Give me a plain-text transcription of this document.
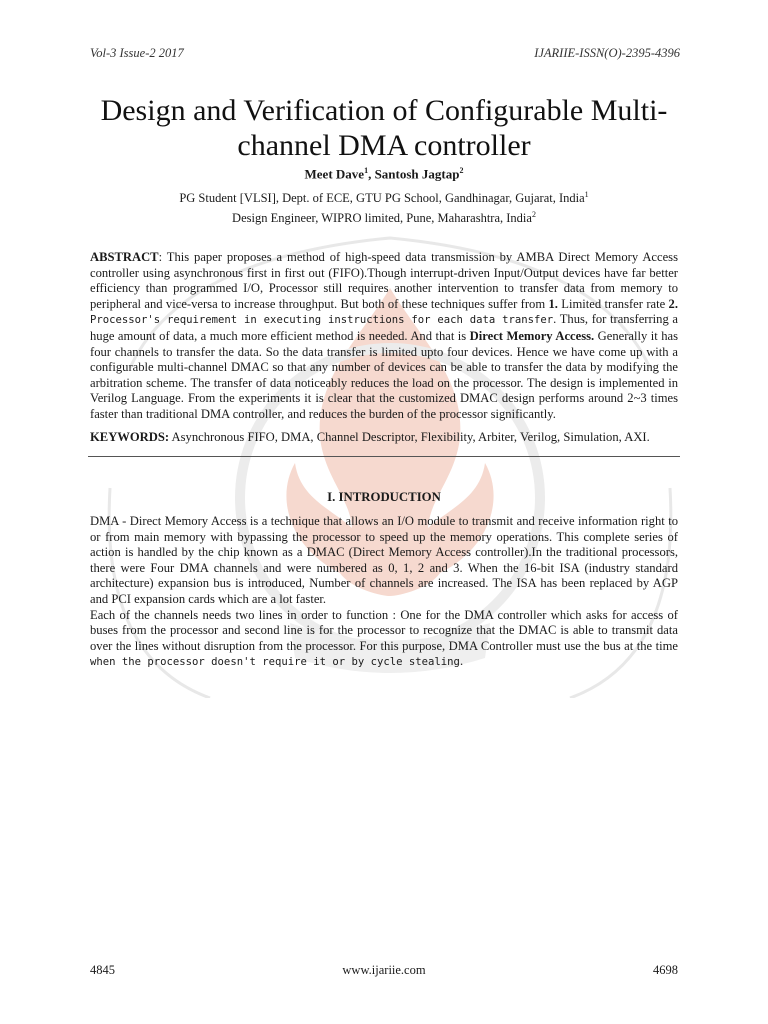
Vol-3 Issue-2 2017	IJARIIE-ISSN(O)-2395-4396
Design and Verification of Configurable Multi-
channel DMA controller
Meet Dave$^1$, Santosh Jagtap$^2$
PG Student [VLSI], Dept. of ECE, GTU PG School, Gandhinagar, Gujarat, India$^1$
Design Engineer, WIPRO limited, Pune, Maharashtra, India$^2$
ABSTRACT: This paper proposes a method of high-speed data transmission by AMBA Direct Memory Access controller using asynchronous first in first out (FIFO).Though interrupt-driven Input/Output devices have far better efficiency than programmed I/O, Processor still requires another intervention to transfer data from memory to peripheral and vice-versa to increase throughput. But both of these techniques suffer from 1. Limited transfer rate 2. Processor's requirement in executing instructions for each data transfer. Thus, for transferring a huge amount of data, a much more efficient method is needed. And that is Direct Memory Access. Generally it has four channels to transfer the data. So the data transfer is limited upto four devices. Hence we have come up with a configurable multi-channel DMAC so that any number of devices can be able to transfer the data by modifying the arbitration scheme. The transfer of data noticeably reduces the load on the processor. The design is implemented in Verilog Language. From the experiments it is clear that the customized DMAC design performs around 2~3 times faster than traditional DMA controller, and reduces the burden of the processor significantly.
KEYWORDS: Asynchronous FIFO, DMA, Channel Descriptor, Flexibility, Arbiter, Verilog, Simulation, AXI.
I. INTRODUCTION

DMA - Direct Memory Access is a technique that allows an I/O module to transmit and receive information right to or from main memory with bypassing the processor to speed up the memory operations. This complete series of action is handled by the chip known as a DMAC (Direct Memory Access controller).In the traditional processors, there were Four DMA channels and were numbered as 0, 1, 2 and 3. When the 16-bit ISA (industry standard architecture) expansion bus is introduced, Number of channels are increased. The ISA has been replaced by AGP and PCI expansion cards which are a lot faster.

Each of the channels needs two lines in order to function : One for the DMA controller which asks for access of buses from the processor and second line is for the processor to recognize that the DMAC is able to transmit data over the lines without disruption from the processor. For this purpose, DMA Controller must use the bus at the time when the processor doesn't require it or by cycle stealing.

4845	www.ijariie.com	4698
